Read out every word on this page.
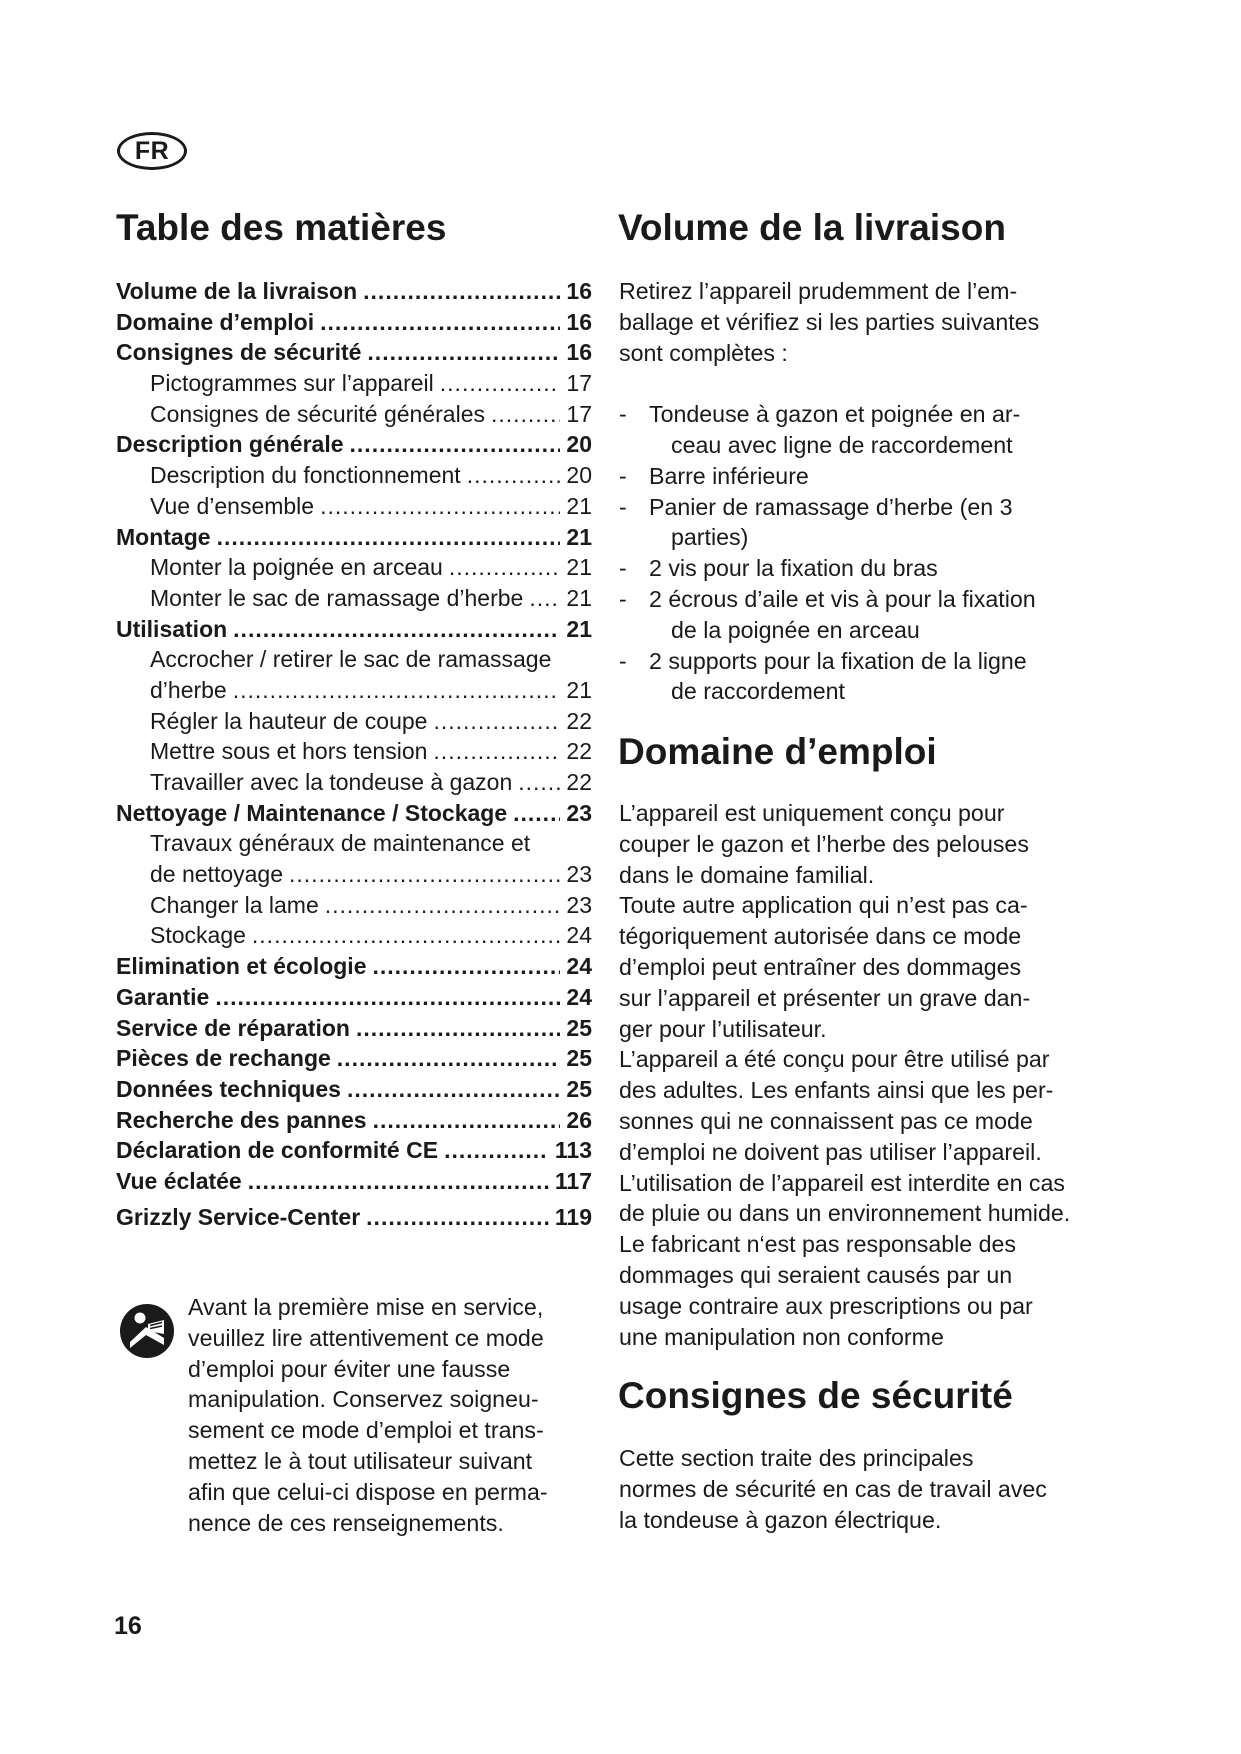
FR
Table des matières
Volume de la livraison .....	16
Domaine d’emploi .....	16
Consignes de sécurité .....	16
Pictogrammes sur l’appareil .....	17
Consignes de sécurité générales .....	17
Description générale .....	20
Description du fonctionnement .....	20
Vue d’ensemble .....	21
Montage .....	21
Monter la poignée en arceau .....	21
Monter le sac de ramassage d’herbe ..... 21
Utilisation .....	21
Accrocher / retirer le sac de ramassage
d’herbe .....	21
Régler la hauteur de coupe .....	22
Mettre sous et hors tension .....	22
Travailler avec la tondeuse à gazon ..... 22
Nettoyage / Maintenance / Stockage .....	23
Travaux généraux de maintenance et
de nettoyage .....	23
Changer la lame .....	23
Stockage .....	24
Elimination et écologie .....	24
Garantie .....	24
Service de réparation .....	25
Pièces de rechange .....	25
Données techniques .....	25
Recherche des pannes .....	26
Déclaration de conformité CE .....	113
Vue éclatée .....	117
Grizzly Service-Center .....	119
Avant la première mise en service,
veuillez lire attentivement ce mode
d’emploi pour éviter une fausse
manipulation. Conservez soigneu-
sement ce mode d’emploi et trans-
mettez le à tout utilisateur suivant
afin que celui-ci dispose en perma-
nence de ces renseignements.
16
Volume de la livraison
Retirez l’appareil prudemment de l’em-
ballage et vérifiez si les parties suivantes
sont complètes :
- Tondeuse à gazon et poignée en ar-
ceau avec ligne de raccordement
- Barre inférieure
- Panier de ramassage d’herbe (en 3
parties)
- 2 vis pour la fixation du bras
- 2 écrous d’aile et vis à pour la fixation
de la poignée en arceau
- 2 supports pour la fixation de la ligne
de raccordement
Domaine d’emploi
L’appareil est uniquement conçu pour
couper le gazon et l’herbe des pelouses
dans le domaine familial.
Toute autre application qui n’est pas ca-
tégoriquement autorisée dans ce mode
d’emploi peut entraîner des dommages
sur l’appareil et présenter un grave dan-
ger pour l’utilisateur.
L’appareil a été conçu pour être utilisé par
des adultes. Les enfants ainsi que les per-
sonnes qui ne connaissent pas ce mode
d’emploi ne doivent pas utiliser l’appareil.
L’utilisation de l’appareil est interdite en cas
de pluie ou dans un environnement humide.
Le fabricant n‘est pas responsable des
dommages qui seraient causés par un
usage contraire aux prescriptions ou par
une manipulation non conforme
Consignes de sécurité
Cette section traite des principales
normes de sécurité en cas de travail avec
la tondeuse à gazon électrique.
